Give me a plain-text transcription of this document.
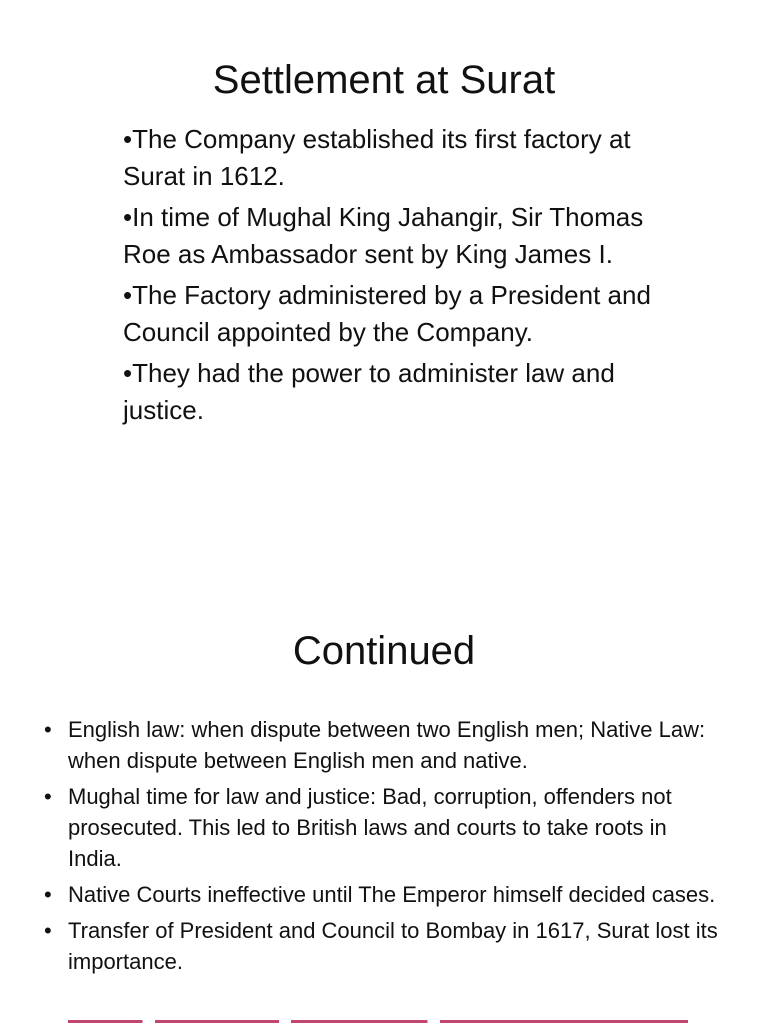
Settlement at Surat
•The Company established its first factory at Surat in 1612.
•In time of Mughal King Jahangir, Sir Thomas Roe as Ambassador sent by King James I.
•The Factory administered by a President and Council appointed by the Company.
•They had the power to administer law and justice.
Continued
• English law: when dispute between two English men; Native Law: when dispute between English men and native.
• Mughal time for law and justice: Bad, corruption, offenders not prosecuted. This led to British laws and courts to take roots in India.
• Native Courts ineffective until The Emperor himself decided cases.
• Transfer of President and Council to Bombay in 1617, Surat lost its importance.
